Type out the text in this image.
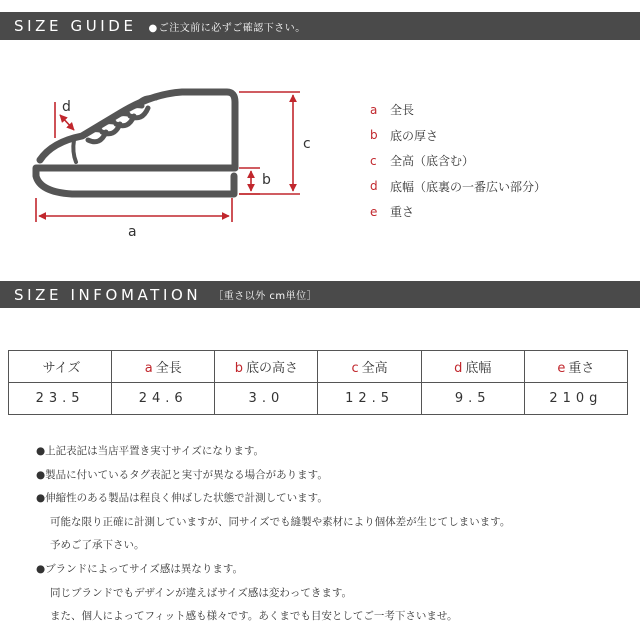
SIZE GUIDE ●ご注文前に必ずご確認下さい。
d
a
b
c
a	全長
b	底の厚さ
c	全高（底含む）
d	底幅（底裏の一番広い部分）
e	重さ
SIZE INFOMATION ［重さ以外 cm単位］
サイズ	a 全長	b 底の高さ	c 全高	d 底幅	e 重さ
23.5	24.6	3.0	12.5	9.5	210g
●上記表記は当店平置き実寸サイズになります。
●製品に付いているタグ表記と実寸が異なる場合があります。
●伸縮性のある製品は程良く伸ばした状態で計測しています。
可能な限り正確に計測していますが、同サイズでも縫製や素材により個体差が生じてしまいます。
予めご了承下さい。
●ブランドによってサイズ感は異なります。
同じブランドでもデザインが違えばサイズ感は変わってきます。
また、個人によってフィット感も様々です。あくまでも目安としてご一考下さいませ。
